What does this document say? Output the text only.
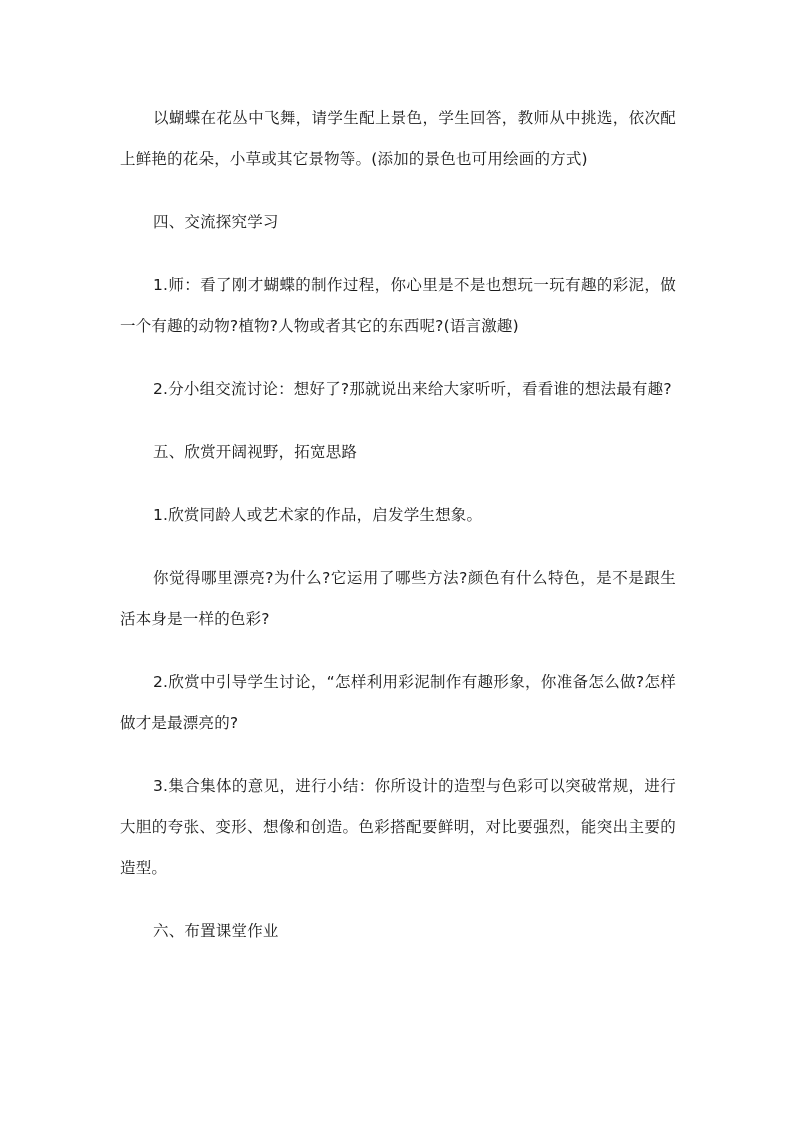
以蝴蝶在花丛中飞舞，请学生配上景色，学生回答，教师从中挑选，依次配上鲜艳的花朵，小草或其它景物等。(添加的景色也可用绘画的方式)

四、交流探究学习

1.师：看了刚才蝴蝶的制作过程，你心里是不是也想玩一玩有趣的彩泥，做一个有趣的动物?植物?人物或者其它的东西呢?(语言激趣)

2.分小组交流讨论：想好了?那就说出来给大家听听，看看谁的想法最有趣?

五、欣赏开阔视野，拓宽思路

1.欣赏同龄人或艺术家的作品，启发学生想象。

你觉得哪里漂亮?为什么?它运用了哪些方法?颜色有什么特色，是不是跟生活本身是一样的色彩?

2.欣赏中引导学生讨论，“怎样利用彩泥制作有趣形象，你准备怎么做?怎样做才是最漂亮的?

3.集合集体的意见，进行小结：你所设计的造型与色彩可以突破常规，进行大胆的夸张、变形、想像和创造。色彩搭配要鲜明，对比要强烈，能突出主要的造型。

六、布置课堂作业
